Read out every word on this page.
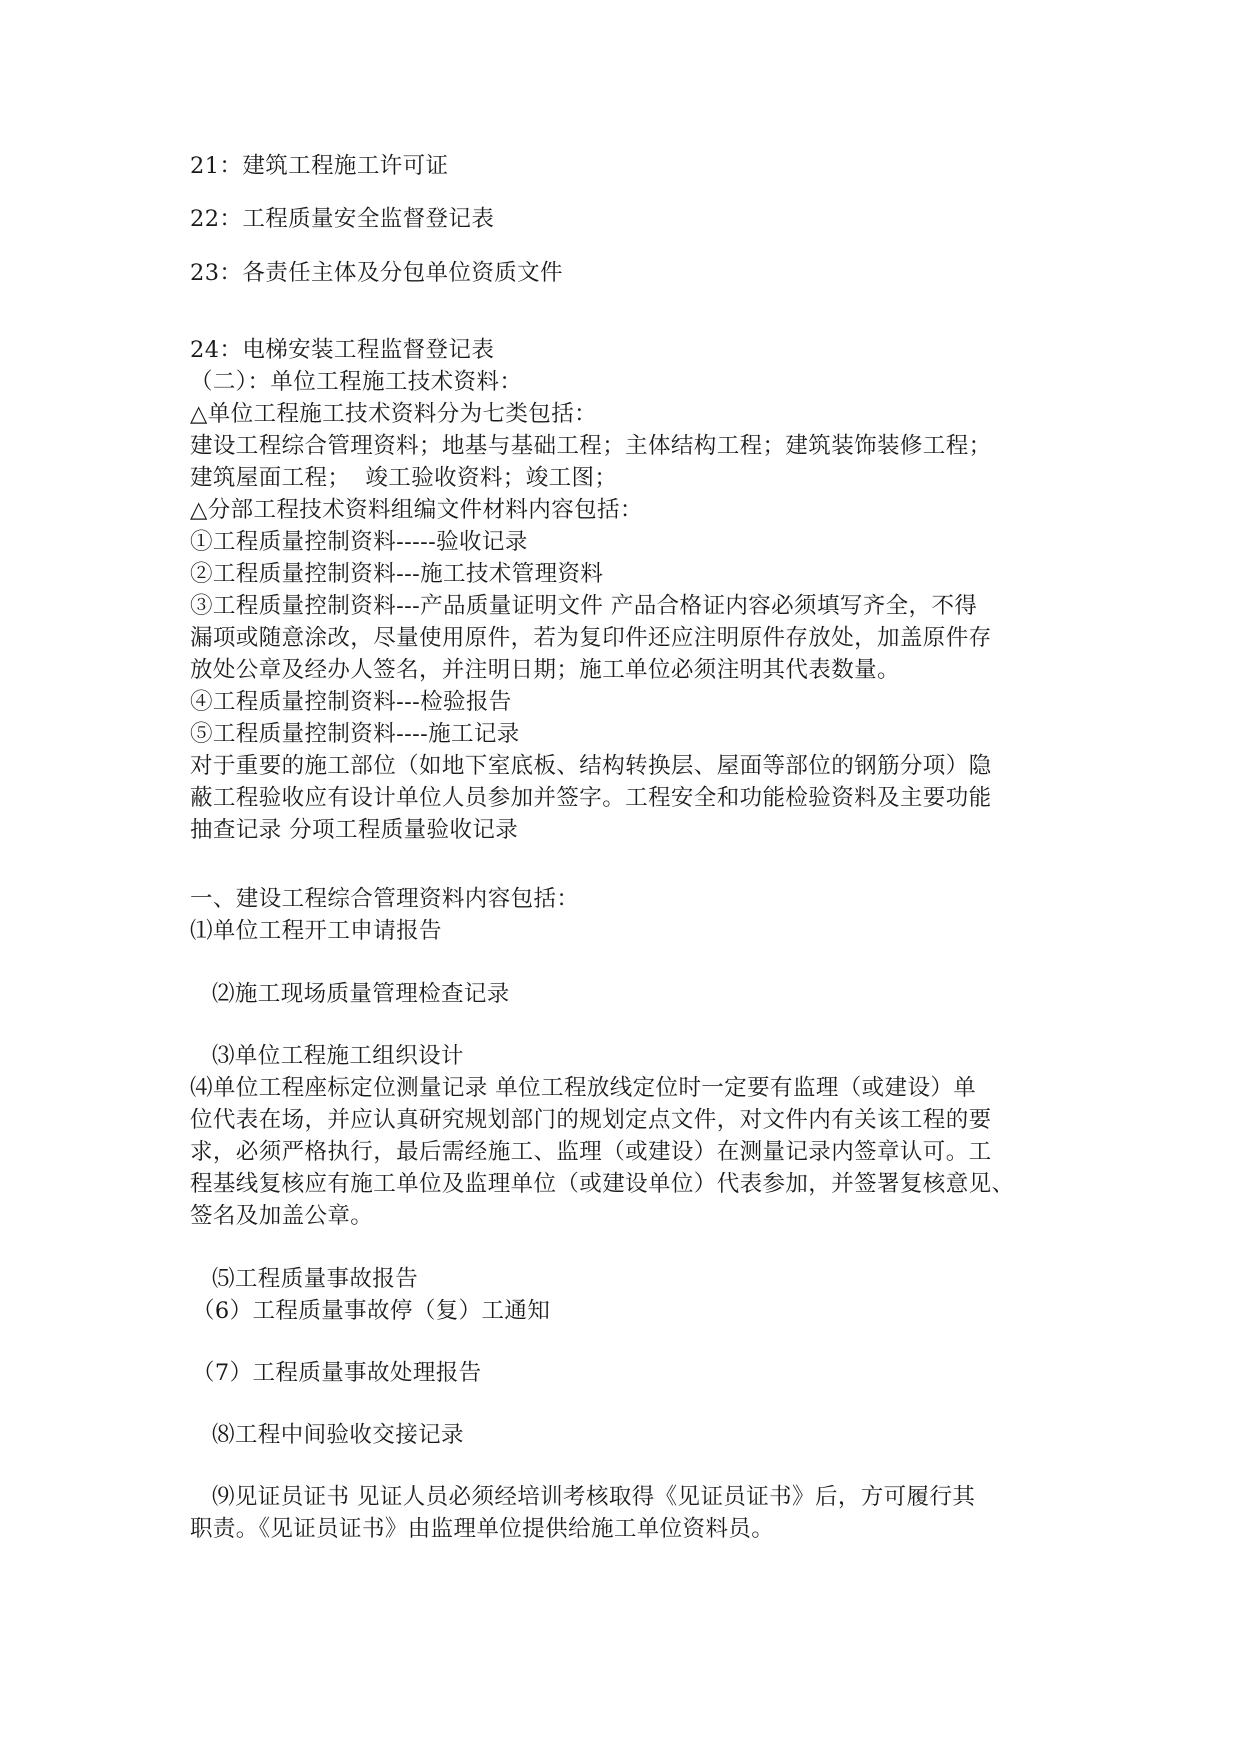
21：建筑工程施工许可证
22：工程质量安全监督登记表
23：各责任主体及分包单位资质文件
24：电梯安装工程监督登记表
（二）：单位工程施工技术资料：
△单位工程施工技术资料分为七类包括：
建设工程综合管理资料；地基与基础工程；主体结构工程；建筑装饰装修工程；
建筑屋面工程；  竣工验收资料；竣工图；
△分部工程技术资料组编文件材料内容包括：
①工程质量控制资料-----验收记录
②工程质量控制资料---施工技术管理资料
③工程质量控制资料---产品质量证明文件 产品合格证内容必须填写齐全，不得
漏项或随意涂改，尽量使用原件，若为复印件还应注明原件存放处，加盖原件存
放处公章及经办人签名，并注明日期；施工单位必须注明其代表数量。
④工程质量控制资料---检验报告
⑤工程质量控制资料----施工记录
对于重要的施工部位（如地下室底板、结构转换层、屋面等部位的钢筋分项）隐
蔽工程验收应有设计单位人员参加并签字。工程安全和功能检验资料及主要功能
抽查记录 分项工程质量验收记录
一、建设工程综合管理资料内容包括：
⑴单位工程开工申请报告
⑵施工现场质量管理检查记录
⑶单位工程施工组织设计
⑷单位工程座标定位测量记录 单位工程放线定位时一定要有监理（或建设）单
位代表在场，并应认真研究规划部门的规划定点文件，对文件内有关该工程的要
求，必须严格执行，最后需经施工、监理（或建设）在测量记录内签章认可。工
程基线复核应有施工单位及监理单位（或建设单位）代表参加，并签署复核意见、
签名及加盖公章。
⑸工程质量事故报告
（6）工程质量事故停（复）工通知
（7）工程质量事故处理报告
⑻工程中间验收交接记录
⑼见证员证书 见证人员必须经培训考核取得《见证员证书》后，方可履行其
职责。《见证员证书》由监理单位提供给施工单位资料员。
